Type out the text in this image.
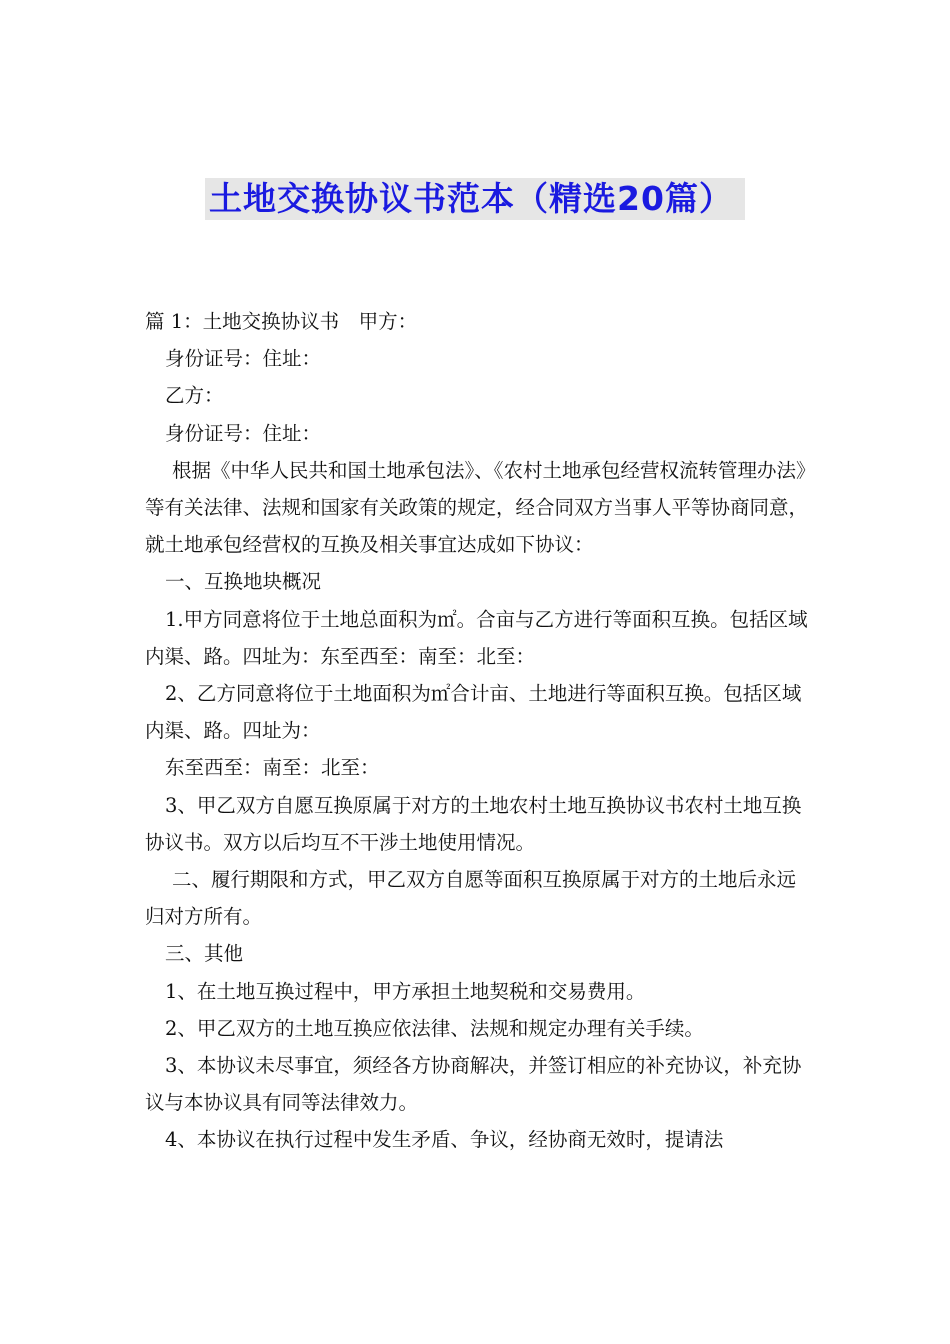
土地交换协议书范本（精选20篇）

篇 1：土地交换协议书　甲方：

身份证号：住址：

乙方：

身份证号：住址：

根据《中华人民共和国土地承包法》、《农村土地承包经营权流转管理办法》等有关法律、法规和国家有关政策的规定，经合同双方当事人平等协商同意，就土地承包经营权的互换及相关事宜达成如下协议：

一、互换地块概况

1.甲方同意将位于土地总面积为㎡。合亩与乙方进行等面积互换。包括区域内渠、路。四址为：东至西至：南至：北至：

2、乙方同意将位于土地面积为㎡合计亩、土地进行等面积互换。包括区域内渠、路。四址为：

东至西至：南至：北至：

3、甲乙双方自愿互换原属于对方的土地农村土地互换协议书农村土地互换协议书。双方以后均互不干涉土地使用情况。

二、履行期限和方式，甲乙双方自愿等面积互换原属于对方的土地后永远归对方所有。

三、其他

1、在土地互换过程中，甲方承担土地契税和交易费用。

2、甲乙双方的土地互换应依法律、法规和规定办理有关手续。

3、本协议未尽事宜，须经各方协商解决，并签订相应的补充协议，补充协议与本协议具有同等法律效力。

4、本协议在执行过程中发生矛盾、争议，经协商无效时，提请法
